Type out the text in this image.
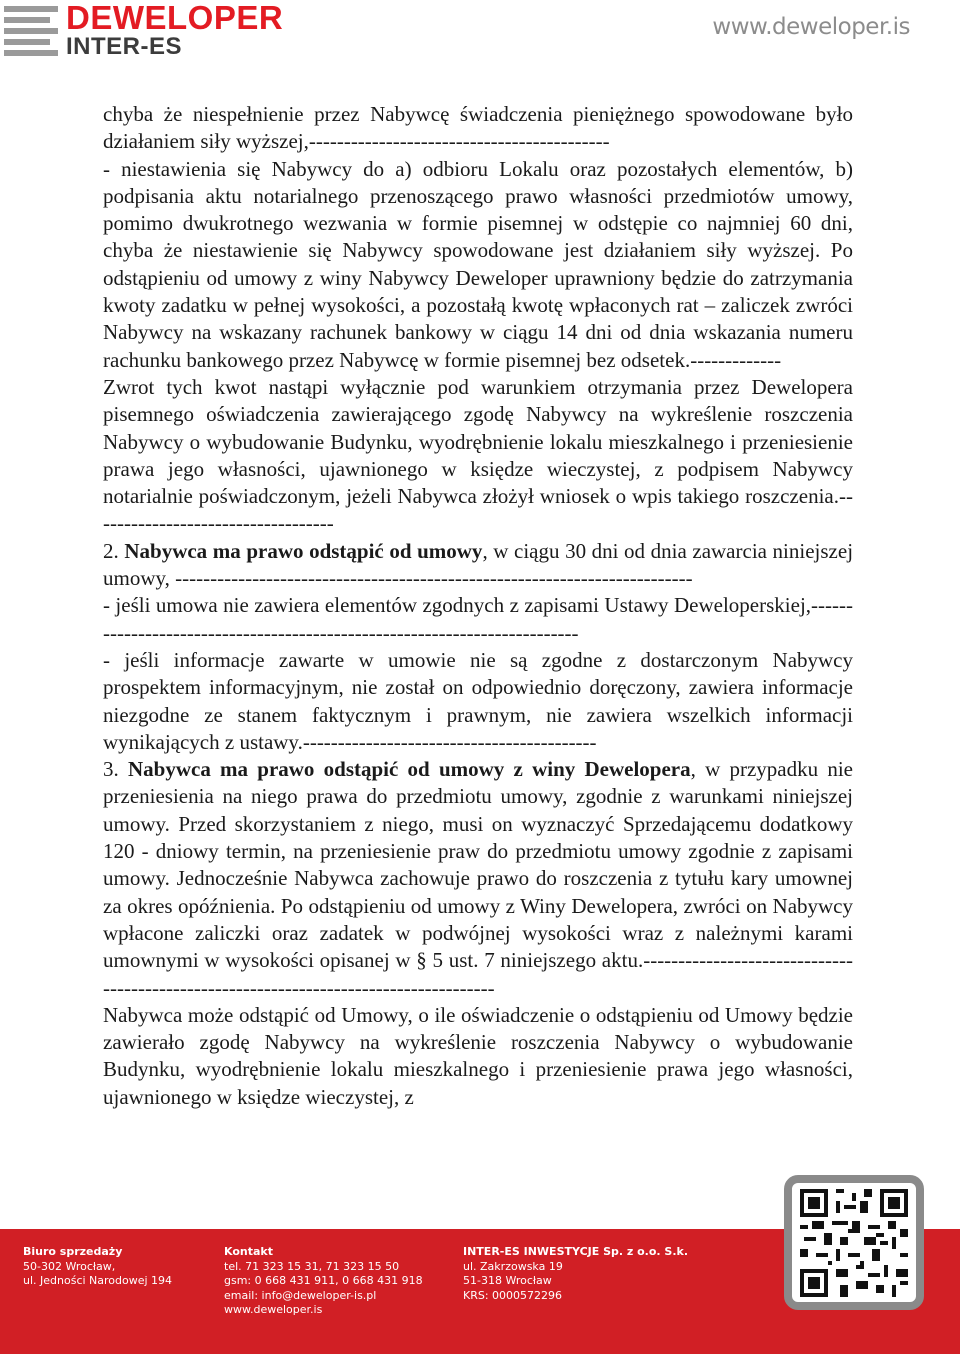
DEWELOPER
INTER-ES
www.deweloper.is

chyba że niespełnienie przez Nabywcę świadczenia pieniężnego spowodowane było działaniem siły wyższej,-------------------------------------------

- niestawienia się Nabywcy do a) odbioru Lokalu oraz pozostałych elementów, b) podpisania aktu notarialnego przenoszącego prawo własności przedmiotów umowy, pomimo dwukrotnego wezwania w formie pisemnej w odstępie co najmniej 60 dni, chyba że niestawienie się Nabywcy spowodowane jest działaniem siły wyższej. Po odstąpieniu od umowy z winy Nabywcy Deweloper uprawniony będzie do zatrzymania kwoty zadatku w pełnej wysokości, a pozostałą kwotę wpłaconych rat – zaliczek zwróci Nabywcy na wskazany rachunek bankowy w ciągu 14 dni od dnia wskazania numeru rachunku bankowego przez Nabywcę w formie pisemnej bez odsetek.-------------

Zwrot tych kwot nastąpi wyłącznie pod warunkiem otrzymania przez Dewelopera pisemnego oświadczenia zawierającego zgodę Nabywcy na wykreślenie roszczenia Nabywcy o wybudowanie Budynku, wyodrębnienie lokalu mieszkalnego i przeniesienie prawa jego własności, ujawnionego w księdze wieczystej, z podpisem Nabywcy notarialnie poświadczonym, jeżeli Nabywca złożył wniosek o wpis takiego roszczenia.-----------------------------------

2. Nabywca ma prawo odstąpić od umowy, w ciągu 30 dni od dnia zawarcia niniejszej umowy, --------------------------------------------------------------------------

- jeśli umowa nie zawiera elementów zgodnych z zapisami Ustawy Deweloperskiej,--------------------------------------------------------------------------

- jeśli informacje zawarte w umowie nie są zgodne z dostarczonym Nabywcy prospektem informacyjnym, nie został on odpowiednio doręczony, zawiera informacje niezgodne ze stanem faktycznym i prawnym, nie zawiera wszelkich informacji wynikających z ustawy.------------------------------------------

3. Nabywca ma prawo odstąpić od umowy z winy Dewelopera, w przypadku nie przeniesienia na niego prawa do przedmiotu umowy, zgodnie z warunkami niniejszej umowy. Przed skorzystaniem z niego, musi on wyznaczyć Sprzedającemu dodatkowy 120 - dniowy termin, na przeniesienie praw do przedmiotu umowy zgodnie z zapisami umowy. Jednocześnie Nabywca zachowuje prawo do roszczenia z tytułu kary umownej za okres opóźnienia. Po odstąpieniu od umowy z Winy Dewelopera, zwróci on Nabywcy wpłacone zaliczki oraz zadatek w podwójnej wysokości wraz z należnymi karami umownymi w wysokości opisanej w § 5 ust. 7 niniejszego aktu.--------------------------------------------------------------------------------------

Nabywca może odstąpić od Umowy, o ile oświadczenie o odstąpieniu od Umowy będzie zawierało zgodę Nabywcy na wykreślenie roszczenia Nabywcy o wybudowanie Budynku, wyodrębnienie lokalu mieszkalnego i przeniesienie prawa jego własności, ujawnionego w księdze wieczystej, z

Biuro sprzedaży
50-302 Wrocław,
ul. Jedności Narodowej 194
Kontakt
tel. 71 323 15 31, 71 323 15 50
gsm: 0 668 431 911, 0 668 431 918
email: info@deweloper-is.pl
www.deweloper.is
INTER-ES INWESTYCJE Sp. z o.o. S.k.
ul. Zakrzowska 19
51-318 Wrocław
KRS: 0000572296
